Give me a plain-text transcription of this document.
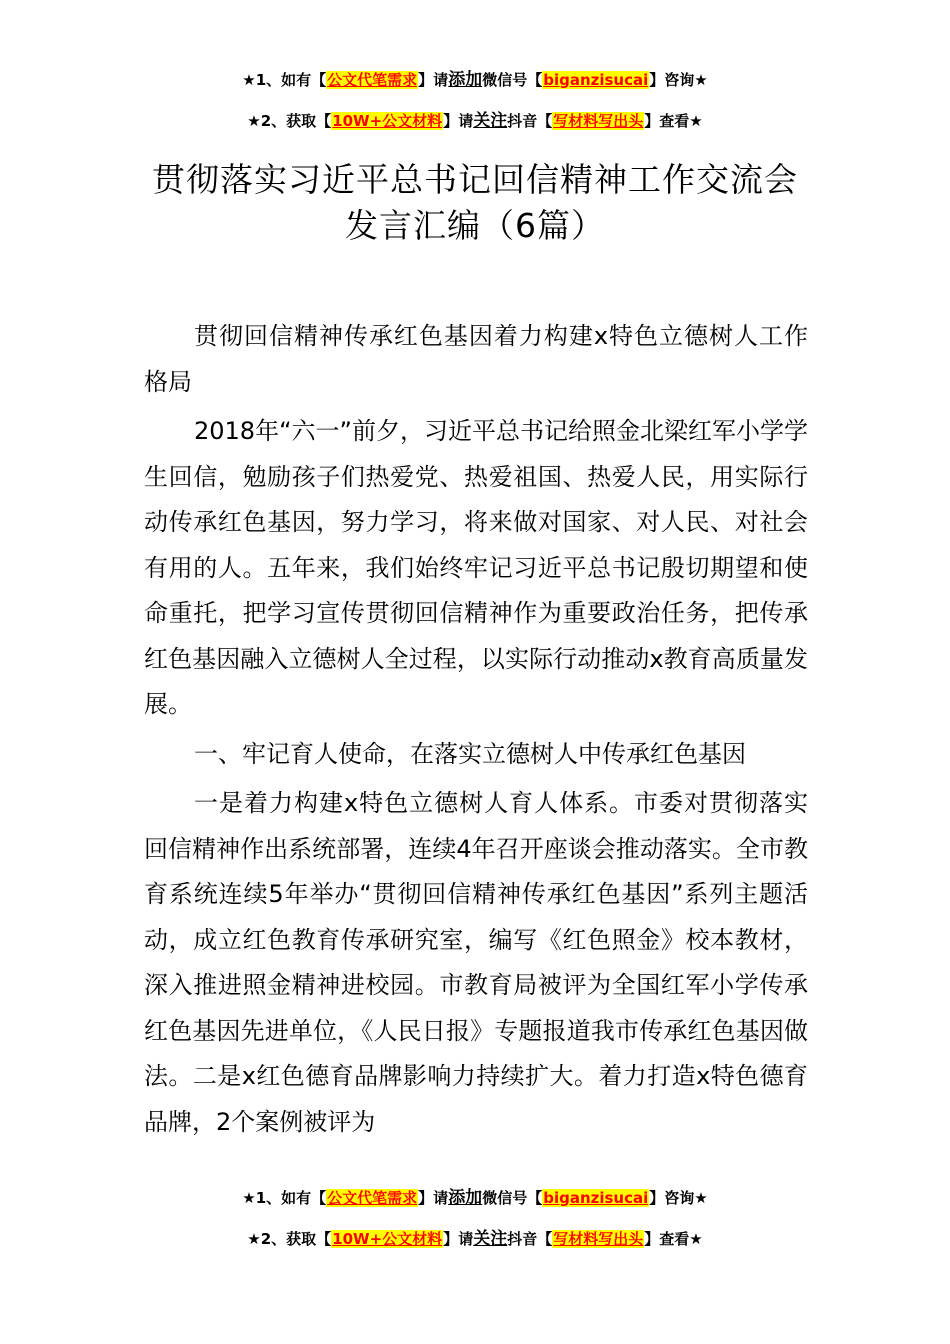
★1、如有【公文代笔需求】请添加微信号【biganzisucai】咨询★
★2、获取【10W+公文材料】请关注抖音【写材料写出头】查看★
贯彻落实习近平总书记回信精神工作交流会
发言汇编（6篇）

贯彻回信精神传承红色基因着力构建x特色立德树人工作格局

2018年“六一”前夕，习近平总书记给照金北梁红军小学学生回信，勉励孩子们热爱党、热爱祖国、热爱人民，用实际行动传承红色基因，努力学习，将来做对国家、对人民、对社会有用的人。五年来，我们始终牢记习近平总书记殷切期望和使命重托，把学习宣传贯彻回信精神作为重要政治任务，把传承红色基因融入立德树人全过程，以实际行动推动x教育高质量发展。

一、牢记育人使命，在落实立德树人中传承红色基因

一是着力构建x特色立德树人育人体系。市委对贯彻落实回信精神作出系统部署，连续4年召开座谈会推动落实。全市教育系统连续5年举办“贯彻回信精神传承红色基因”系列主题活动，成立红色教育传承研究室，编写《红色照金》校本教材，深入推进照金精神进校园。市教育局被评为全国红军小学传承红色基因先进单位，《人民日报》专题报道我市传承红色基因做法。二是x红色德育品牌影响力持续扩大。着力打造x特色德育品牌，2个案例被评为

★1、如有【公文代笔需求】请添加微信号【biganzisucai】咨询★
★2、获取【10W+公文材料】请关注抖音【写材料写出头】查看★
